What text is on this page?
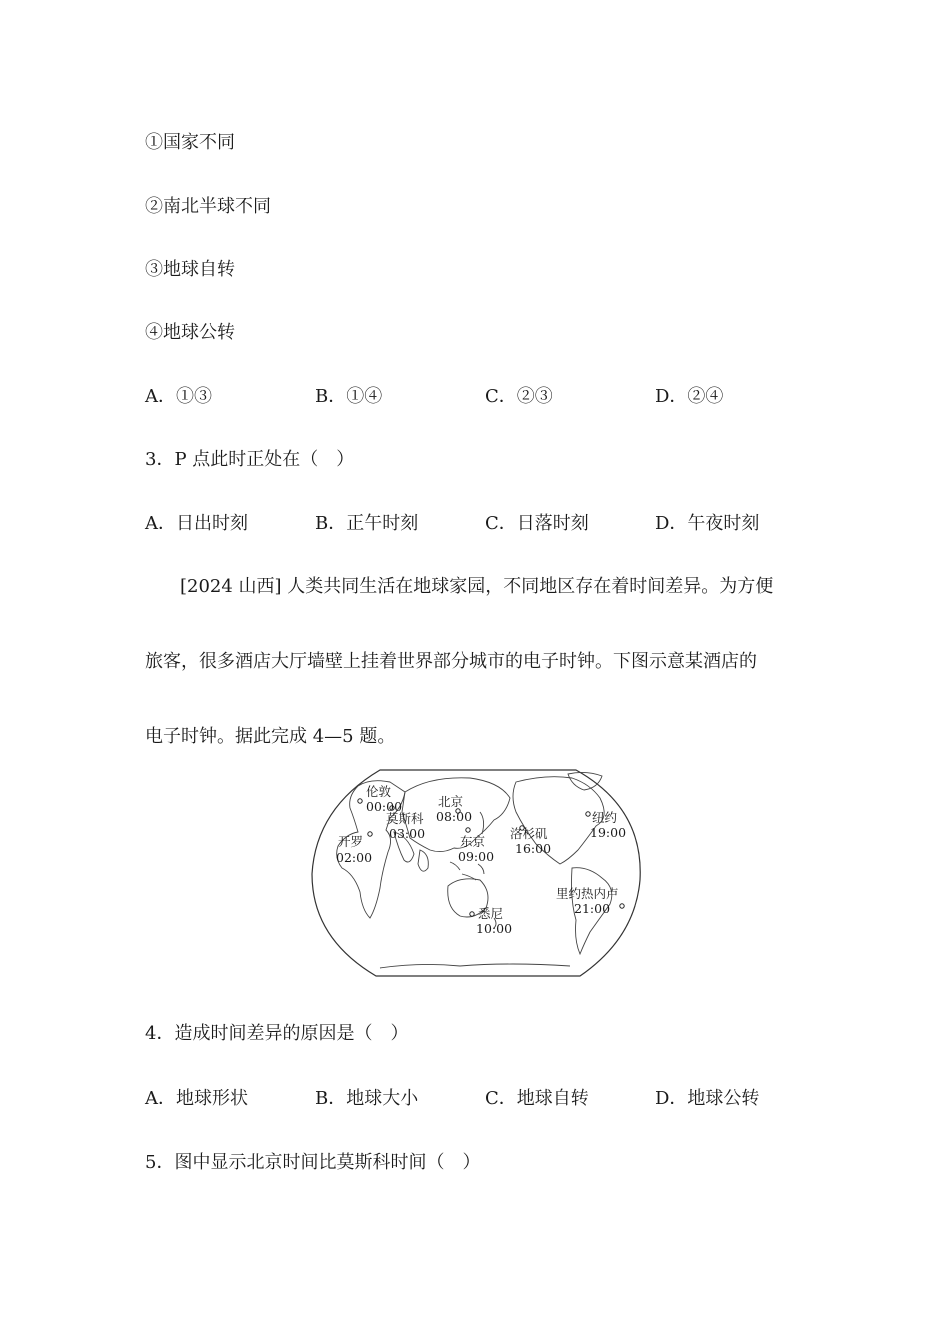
①国家不同
②南北半球不同
③地球自转
④地球公转
A．①③	B．①④	C．②③	D．②④
3．P 点此时正处在（　）
A．日出时刻	B．正午时刻	C．日落时刻	D．午夜时刻
[2024 山西] 人类共同生活在地球家园，不同地区存在着时间差异。为方便
旅客，很多酒店大厅墙壁上挂着世界部分城市的电子时钟。下图示意某酒店的
电子时钟。据此完成 4—5 题。
伦敦
00:00
莫斯科
03:00
北京
08:00
开罗
02:00
东京
09:00
洛杉矶
16:00
纽约
19:00
里约热内卢
21:00
悉尼
10:00
4．造成时间差异的原因是（　）
A．地球形状	B．地球大小	C．地球自转	D．地球公转
5．图中显示北京时间比莫斯科时间（　）
